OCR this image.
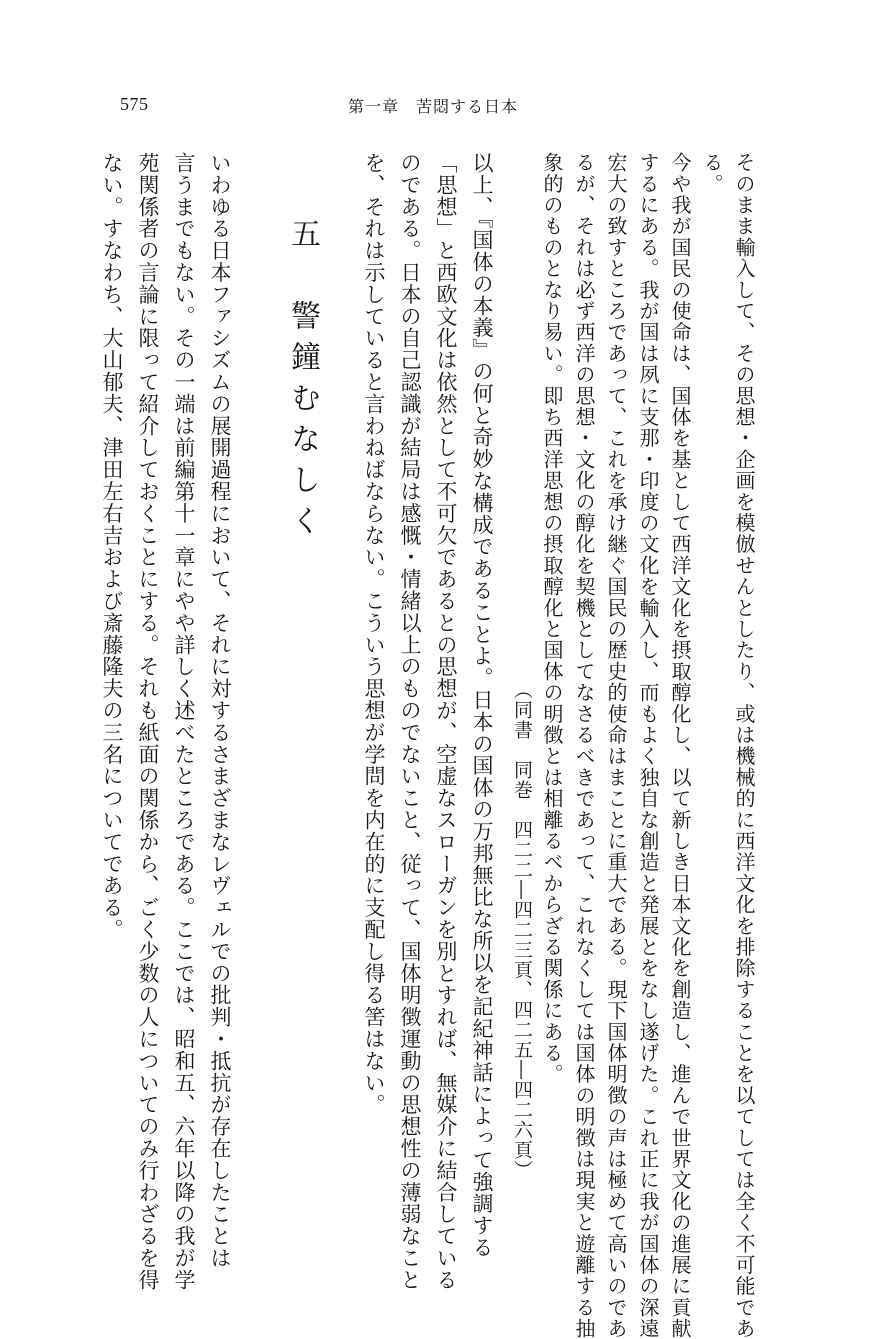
575	第一章　苦悶する日本
そのまま輸入して、その思想・企画を模倣せんとしたり、或は機械的に西洋文化を排除することを以てしては全く不可能であ
る。
今や我が国民の使命は、国体を基として西洋文化を摂取醇化し、以て新しき日本文化を創造し、進んで世界文化の進展に貢献
するにある。我が国は夙に支那・印度の文化を輸入し、而もよく独自な創造と発展とをなし遂げた。これ正に我が国体の深遠
宏大の致すところであって、これを承け継ぐ国民の歴史的使命はまことに重大である。現下国体明徴の声は極めて高いのであ
るが、それは必ず西洋の思想・文化の醇化を契機としてなさるべきであって、これなくしては国体の明徴は現実と遊離する抽
象的のものとなり易い。即ち西洋思想の摂取醇化と国体の明徴とは相離るべからざる関係にある。
（同書　同巻　四二二―四二三頁、四二五―四二六頁）
以上、『国体の本義』の何と奇妙な構成であることよ。日本の国体の万邦無比な所以を記紀神話によって強調する
「思想」と西欧文化は依然として不可欠であるとの思想が、空虚なスローガンを別とすれば、無媒介に結合している
のである。日本の自己認識が結局は感慨・情緒以上のものでないこと、従って、国体明徴運動の思想性の薄弱なこと
を、それは示していると言わねばならない。こういう思想が学問を内在的に支配し得る筈はない。
五　警鐘むなしく
いわゆる日本ファシズムの展開過程において、それに対するさまざまなレヴェルでの批判・抵抗が存在したことは
言うまでもない。その一端は前編第十一章にやや詳しく述べたところである。ここでは、昭和五、六年以降の我が学
苑関係者の言論に限って紹介しておくことにする。それも紙面の関係から、ごく少数の人についてのみ行わざるを得
ない。すなわち、大山郁夫、津田左右吉および斎藤隆夫の三名についてである。
